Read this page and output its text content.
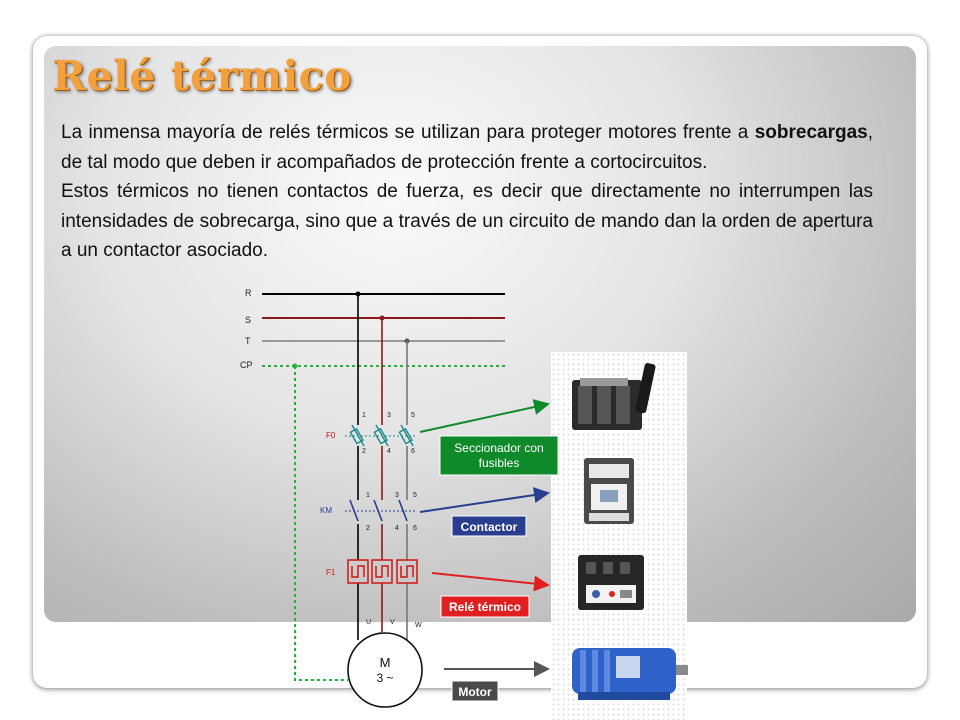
Relé térmico

La inmensa mayoría de relés térmicos se utilizan para proteger motores frente a sobrecargas, de tal modo que deben ir acompañados de protección frente a cortocircuitos.

Estos térmicos no tienen contactos de fuerza, es decir que directamente no interrumpen las intensidades de sobrecarga, sino que a través de un circuito de mando dan la orden de apertura a un contactor asociado.

R
S
T
CP
F0
1	3	5
2	4	6
KM
1	3 5
2	4 6
F1
U	V	W
M
3 ~
Seccionador con
fusibles
Contactor
Relé térmico
Motor
